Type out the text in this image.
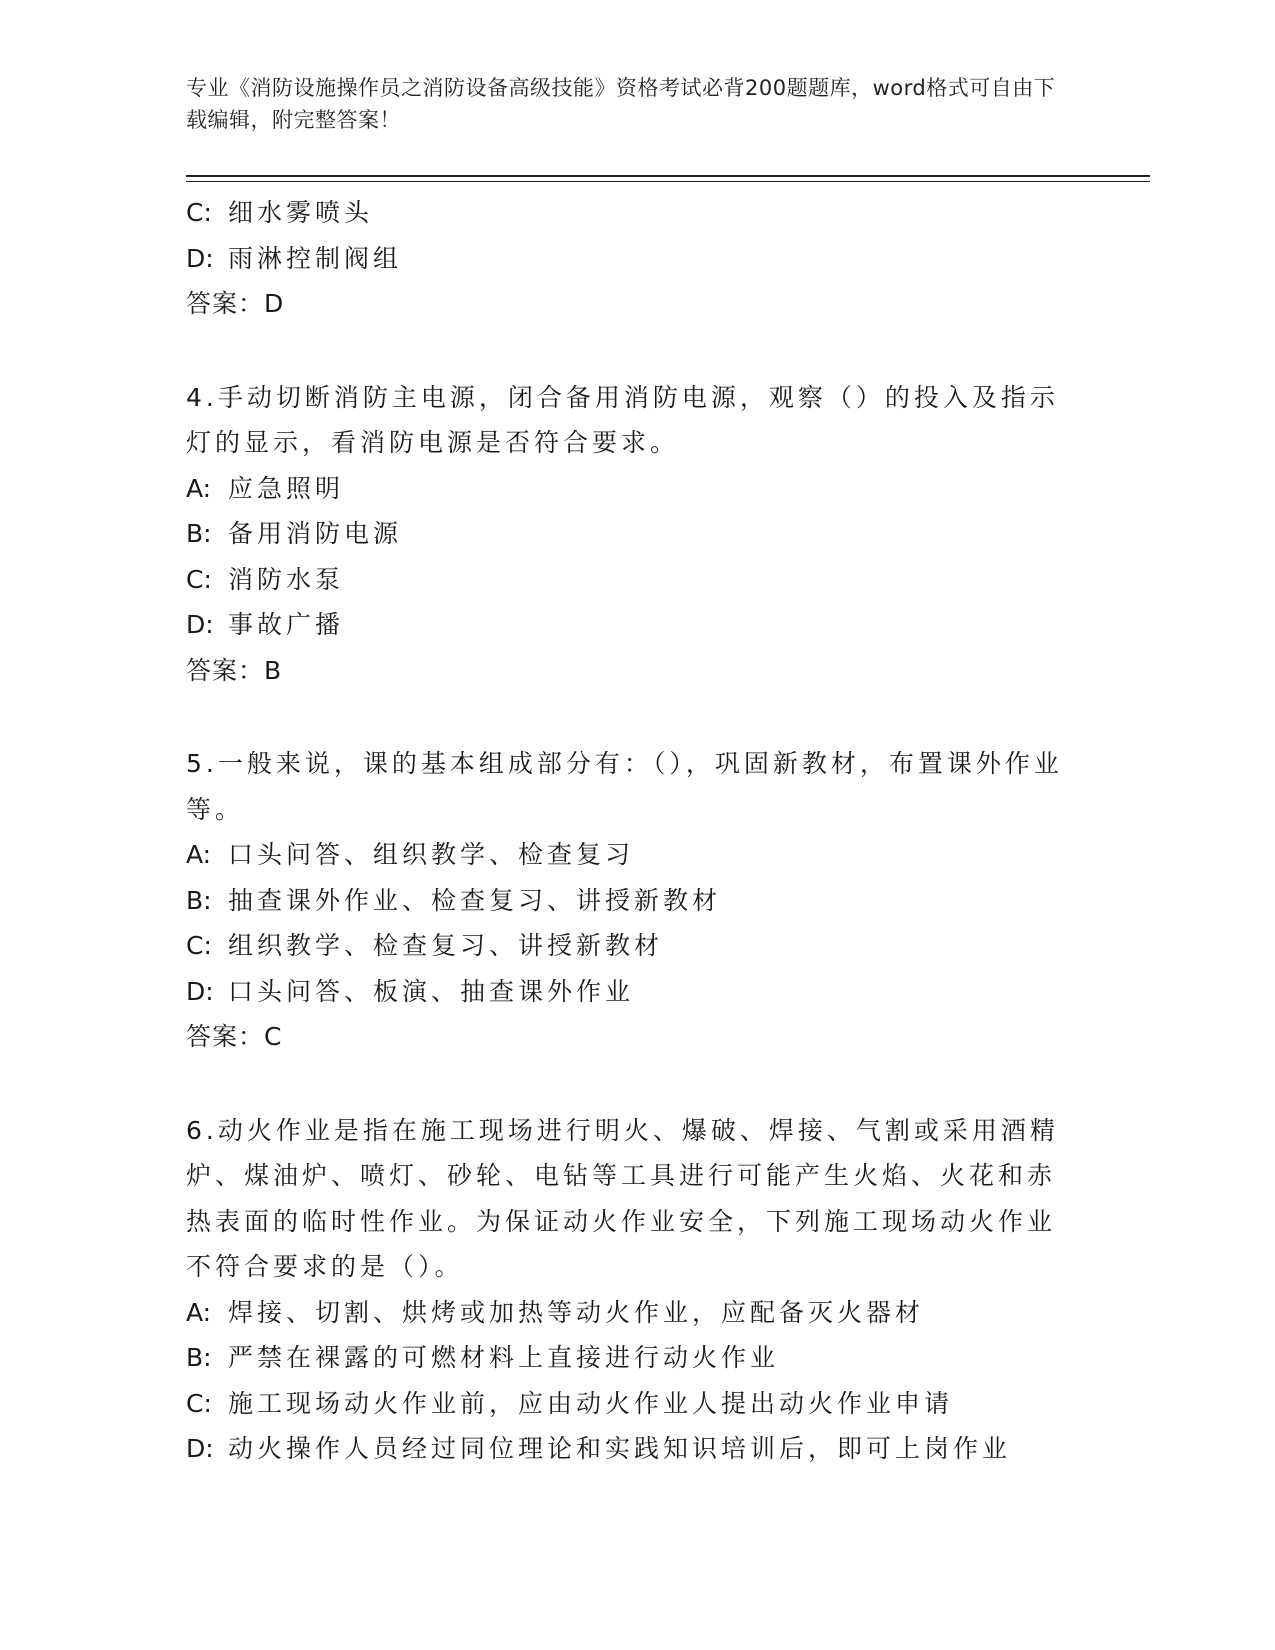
专业《消防设施操作员之消防设备高级技能》资格考试必背200题题库，word格式可自由下载编辑，附完整答案！
C: 细水雾喷头
D: 雨淋控制阀组
答案：D
4.手动切断消防主电源，闭合备用消防电源，观察（）的投入及指示灯的显示，看消防电源是否符合要求。
A: 应急照明
B: 备用消防电源
C: 消防水泵
D: 事故广播
答案：B
5.一般来说，课的基本组成部分有：（），巩固新教材，布置课外作业等。
A: 口头问答、组织教学、检查复习
B: 抽查课外作业、检查复习、讲授新教材
C: 组织教学、检查复习、讲授新教材
D: 口头问答、板演、抽查课外作业
答案：C
6.动火作业是指在施工现场进行明火、爆破、焊接、气割或采用酒精炉、煤油炉、喷灯、砂轮、电钻等工具进行可能产生火焰、火花和赤热表面的临时性作业。为保证动火作业安全，下列施工现场动火作业不符合要求的是（）。
A: 焊接、切割、烘烤或加热等动火作业，应配备灭火器材
B: 严禁在裸露的可燃材料上直接进行动火作业
C: 施工现场动火作业前，应由动火作业人提出动火作业申请
D: 动火操作人员经过同位理论和实践知识培训后，即可上岗作业
